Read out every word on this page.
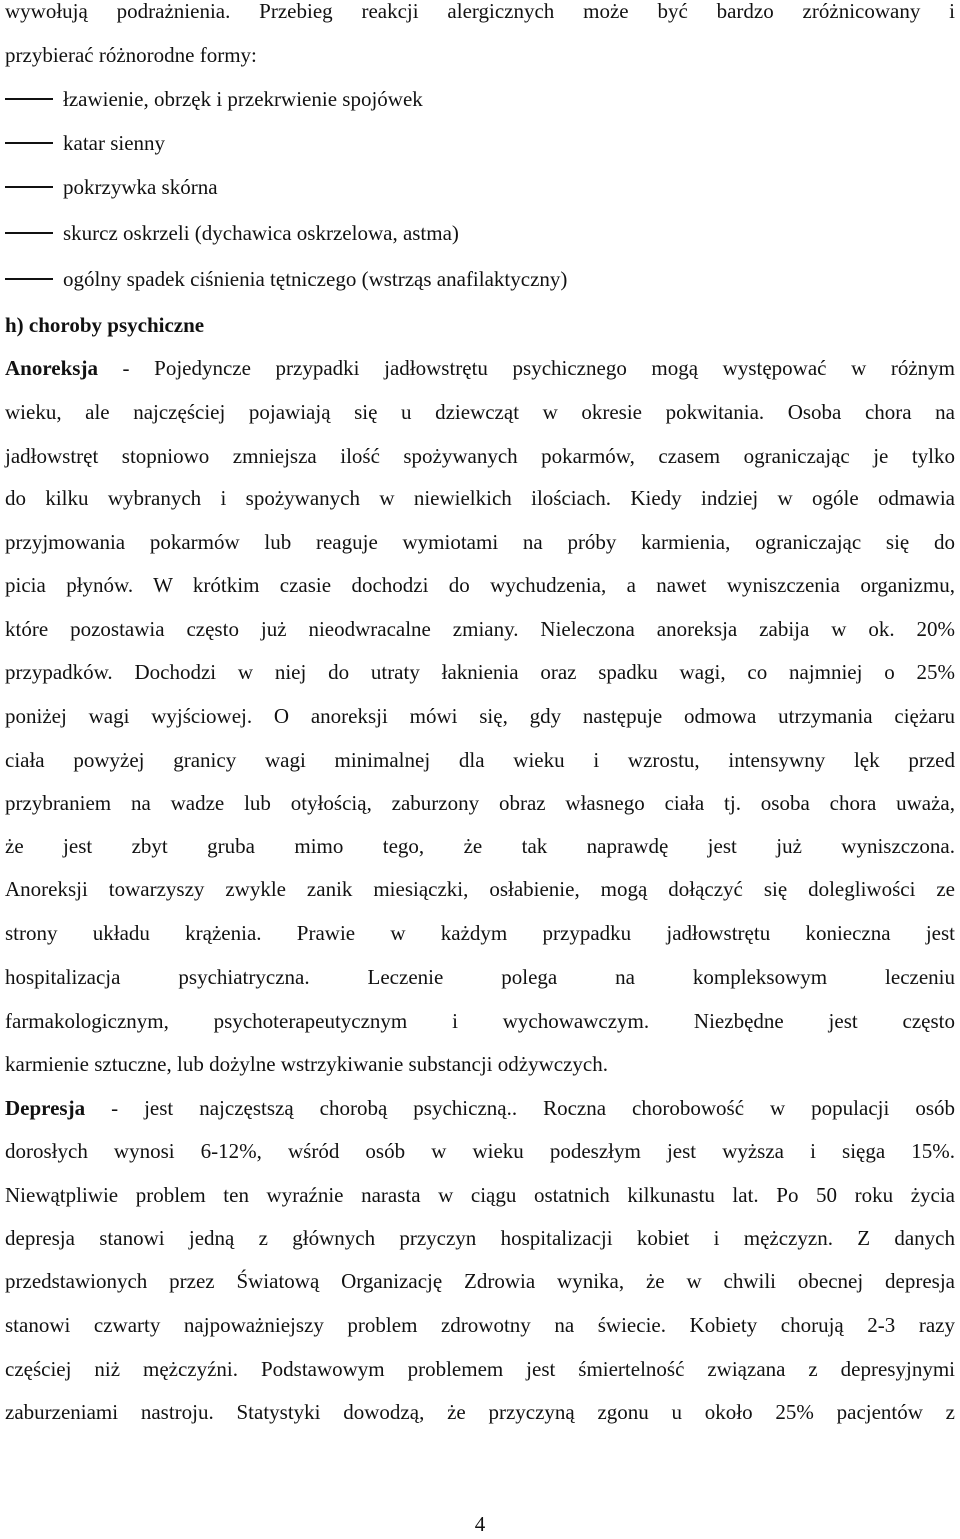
wywołują podrażnienia. Przebieg reakcji alergicznych może być bardzo zróżnicowany i
przybierać różnorodne formy:
łzawienie, obrzęk i przekrwienie spojówek
katar sienny
pokrzywka skórna
skurcz oskrzeli (dychawica oskrzelowa, astma)
ogólny spadek ciśnienia tętniczego (wstrząs anafilaktyczny)
h) choroby psychiczne
Anoreksja - Pojedyncze przypadki jadłowstrętu psychicznego mogą występować w różnym
wieku, ale najczęściej pojawiają się u dziewcząt w okresie pokwitania. Osoba chora na
jadłowstręt stopniowo zmniejsza ilość spożywanych pokarmów, czasem ograniczając je tylko
do kilku wybranych i spożywanych w niewielkich ilościach. Kiedy indziej w ogóle odmawia
przyjmowania pokarmów lub reaguje wymiotami na próby karmienia, ograniczając się do
picia płynów. W krótkim czasie dochodzi do wychudzenia, a nawet wyniszczenia organizmu,
które pozostawia często już nieodwracalne zmiany. Nieleczona anoreksja zabija w ok. 20%
przypadków. Dochodzi w niej do utraty łaknienia oraz spadku wagi, co najmniej o 25%
poniżej wagi wyjściowej. O anoreksji mówi się, gdy następuje odmowa utrzymania ciężaru
ciała powyżej granicy wagi minimalnej dla wieku i wzrostu, intensywny lęk przed
przybraniem na wadze lub otyłością, zaburzony obraz własnego ciała tj. osoba chora uważa,
że jest zbyt gruba mimo tego, że tak naprawdę jest już wyniszczona.
Anoreksji towarzyszy zwykle zanik miesiączki, osłabienie, mogą dołączyć się dolegliwości ze
strony układu krążenia. Prawie w każdym przypadku jadłowstrętu konieczna jest
hospitalizacja psychiatryczna. Leczenie polega na kompleksowym leczeniu
farmakologicznym, psychoterapeutycznym i wychowawczym. Niezbędne jest często
karmienie sztuczne, lub dożylne wstrzykiwanie substancji odżywczych.
Depresja - jest najczęstszą chorobą psychiczną.. Roczna chorobowość w populacji osób
dorosłych wynosi 6-12%, wśród osób w wieku podeszłym jest wyższa i sięga 15%.
Niewątpliwie problem ten wyraźnie narasta w ciągu ostatnich kilkunastu lat. Po 50 roku życia
depresja stanowi jedną z głównych przyczyn hospitalizacji kobiet i mężczyzn. Z danych
przedstawionych przez Światową Organizację Zdrowia wynika, że w chwili obecnej depresja
stanowi czwarty najpoważniejszy problem zdrowotny na świecie. Kobiety chorują 2-3 razy
częściej niż mężczyźni. Podstawowym problemem jest śmiertelność związana z depresyjnymi
zaburzeniami nastroju. Statystyki dowodzą, że przyczyną zgonu u około 25% pacjentów z
4
